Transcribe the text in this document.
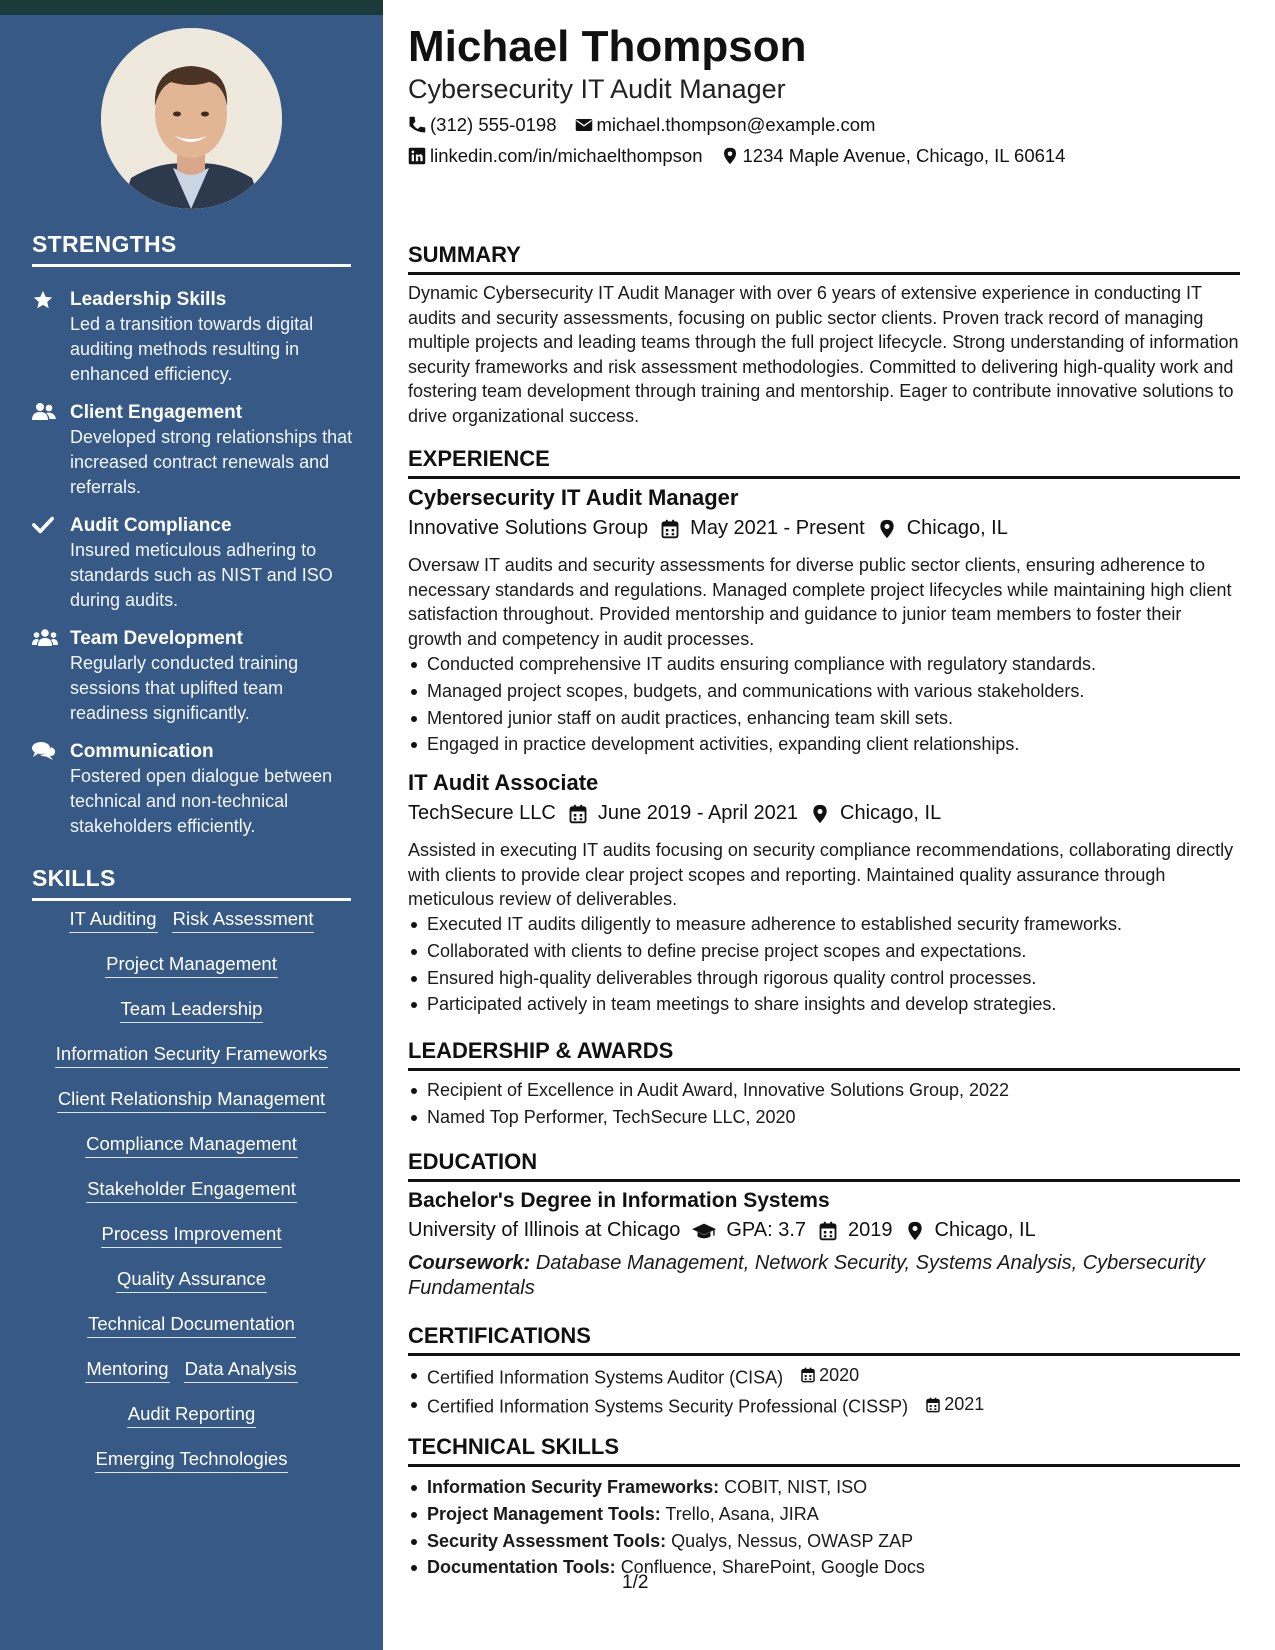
STRENGTHS
Leadership Skills
Led a transition towards digital auditing methods resulting in enhanced efficiency.
Client Engagement
Developed strong relationships that increased contract renewals and referrals.
Audit Compliance
Insured meticulous adhering to standards such as NIST and ISO during audits.
Team Development
Regularly conducted training sessions that uplifted team readiness significantly.
Communication
Fostered open dialogue between technical and non-technical stakeholders efficiently.
SKILLS
IT Auditing Risk Assessment
Project Management
Team Leadership
Information Security Frameworks
Client Relationship Management
Compliance Management
Stakeholder Engagement
Process Improvement
Quality Assurance
Technical Documentation
Mentoring Data Analysis
Audit Reporting
Emerging Technologies
Michael Thompson
Cybersecurity IT Audit Manager
(312) 555-0198 michael.thompson@example.com
linkedin.com/in/michaelthompson 1234 Maple Avenue, Chicago, IL 60614
SUMMARY
Dynamic Cybersecurity IT Audit Manager with over 6 years of extensive experience in conducting IT audits and security assessments, focusing on public sector clients. Proven track record of managing multiple projects and leading teams through the full project lifecycle. Strong understanding of information security frameworks and risk assessment methodologies. Committed to delivering high-quality work and fostering team development through training and mentorship. Eager to contribute innovative solutions to drive organizational success.
EXPERIENCE
Cybersecurity IT Audit Manager
Innovative Solutions Group May 2021 - Present Chicago, IL
Oversaw IT audits and security assessments for diverse public sector clients, ensuring adherence to necessary standards and regulations. Managed complete project lifecycles while maintaining high client satisfaction throughout. Provided mentorship and guidance to junior team members to foster their growth and competency in audit processes.
Conducted comprehensive IT audits ensuring compliance with regulatory standards.
Managed project scopes, budgets, and communications with various stakeholders.
Mentored junior staff on audit practices, enhancing team skill sets.
Engaged in practice development activities, expanding client relationships.
IT Audit Associate
TechSecure LLC June 2019 - April 2021 Chicago, IL
Assisted in executing IT audits focusing on security compliance recommendations, collaborating directly with clients to provide clear project scopes and reporting. Maintained quality assurance through meticulous review of deliverables.
Executed IT audits diligently to measure adherence to established security frameworks.
Collaborated with clients to define precise project scopes and expectations.
Ensured high-quality deliverables through rigorous quality control processes.
Participated actively in team meetings to share insights and develop strategies.
LEADERSHIP & AWARDS
Recipient of Excellence in Audit Award, Innovative Solutions Group, 2022
Named Top Performer, TechSecure LLC, 2020
EDUCATION
Bachelor's Degree in Information Systems
University of Illinois at Chicago GPA: 3.7 2019 Chicago, IL
Coursework: Database Management, Network Security, Systems Analysis, Cybersecurity Fundamentals
CERTIFICATIONS
Certified Information Systems Auditor (CISA) 2020
Certified Information Systems Security Professional (CISSP) 2021
TECHNICAL SKILLS
Information Security Frameworks: COBIT, NIST, ISO
Project Management Tools: Trello, Asana, JIRA
Security Assessment Tools: Qualys, Nessus, OWASP ZAP
Documentation Tools: Confluence, SharePoint, Google Docs
1/2
